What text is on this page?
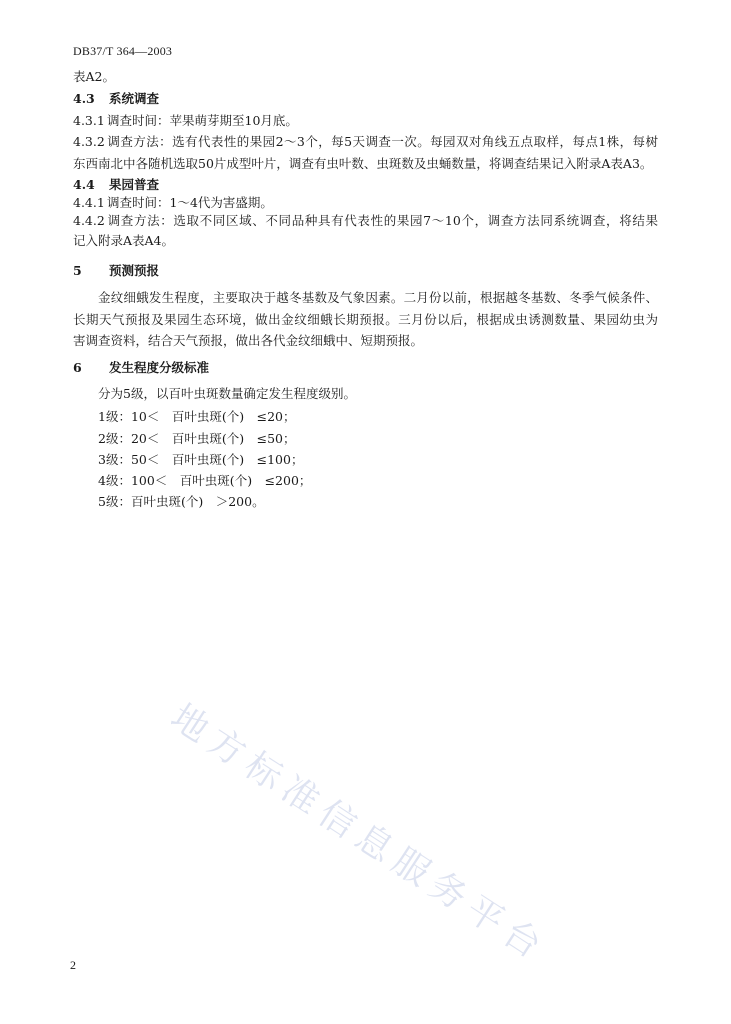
DB37/T 364—2003
表A2。
4.3 系统调查
4.3.1 调查时间：苹果萌芽期至10月底。
4.3.2 调查方法：选有代表性的果园2～3个，每5天调查一次。每园双对角线五点取样，每点1株，每树
东西南北中各随机选取50片成型叶片，调查有虫叶数、虫斑数及虫蛹数量，将调查结果记入附录A表A3。
4.4 果园普查
4.4.1 调查时间：1～4代为害盛期。
4.4.2 调查方法：选取不同区域、不同品种具有代表性的果园7～10个，调查方法同系统调查，将结果
记入附录A表A4。
5 预测预报
金纹细蛾发生程度，主要取决于越冬基数及气象因素。二月份以前，根据越冬基数、冬季气候条件、
长期天气预报及果园生态环境，做出金纹细蛾长期预报。三月份以后，根据成虫诱测数量、果园幼虫为
害调查资料，结合天气预报，做出各代金纹细蛾中、短期预报。
6 发生程度分级标准
分为5级，以百叶虫斑数量确定发生程度级别。
1级：10＜　百叶虫斑(个)　≤20；
2级：20＜　百叶虫斑(个)　≤50；
3级：50＜　百叶虫斑(个)　≤100；
4级：100＜　百叶虫斑(个)　≤200；
5级：百叶虫斑(个)　＞200。
地方标准信息服务平台
2
